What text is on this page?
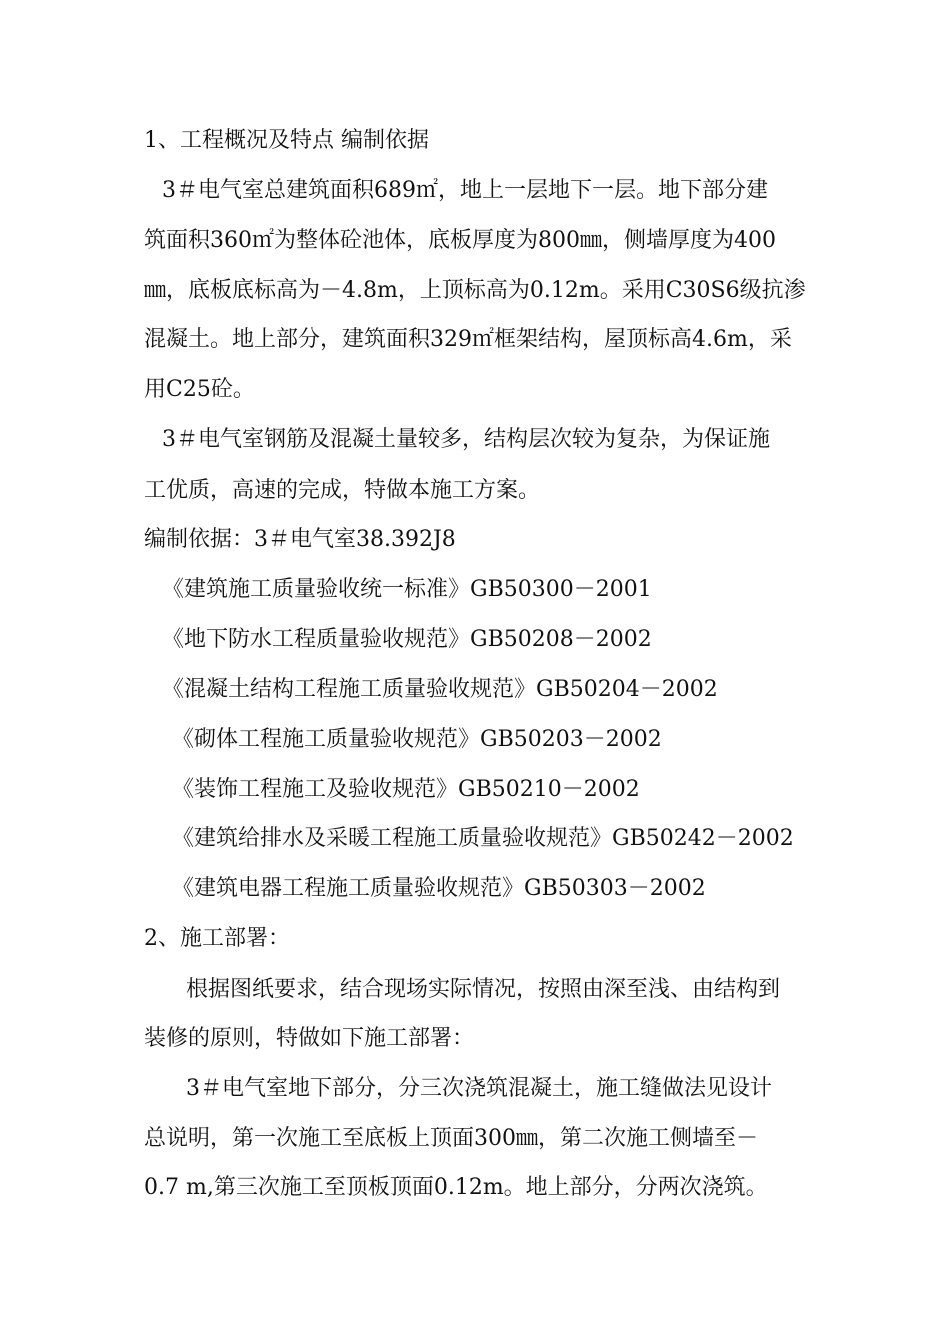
1、工程概况及特点 编制依据
3＃电气室总建筑面积689㎡，地上一层地下一层。地下部分建
筑面积360㎡为整体砼池体，底板厚度为800㎜，侧墙厚度为400
㎜，底板底标高为－4.8m，上顶标高为0.12m。采用C30S6级抗渗
混凝土。地上部分，建筑面积329㎡框架结构，屋顶标高4.6m，采
用C25砼。
3＃电气室钢筋及混凝土量较多，结构层次较为复杂，为保证施
工优质，高速的完成，特做本施工方案。
编制依据：3＃电气室38.392J8
《建筑施工质量验收统一标准》GB50300－2001
《地下防水工程质量验收规范》GB50208－2002
《混凝土结构工程施工质量验收规范》GB50204－2002
《砌体工程施工质量验收规范》GB50203－2002
《装饰工程施工及验收规范》GB50210－2002
《建筑给排水及采暖工程施工质量验收规范》GB50242－2002
《建筑电器工程施工质量验收规范》GB50303－2002
2、施工部署：
根据图纸要求，结合现场实际情况，按照由深至浅、由结构到
装修的原则，特做如下施工部署：
3＃电气室地下部分，分三次浇筑混凝土，施工缝做法见设计
总说明，第一次施工至底板上顶面300㎜，第二次施工侧墙至－
0.7 m,第三次施工至顶板顶面0.12m。地上部分，分两次浇筑。
